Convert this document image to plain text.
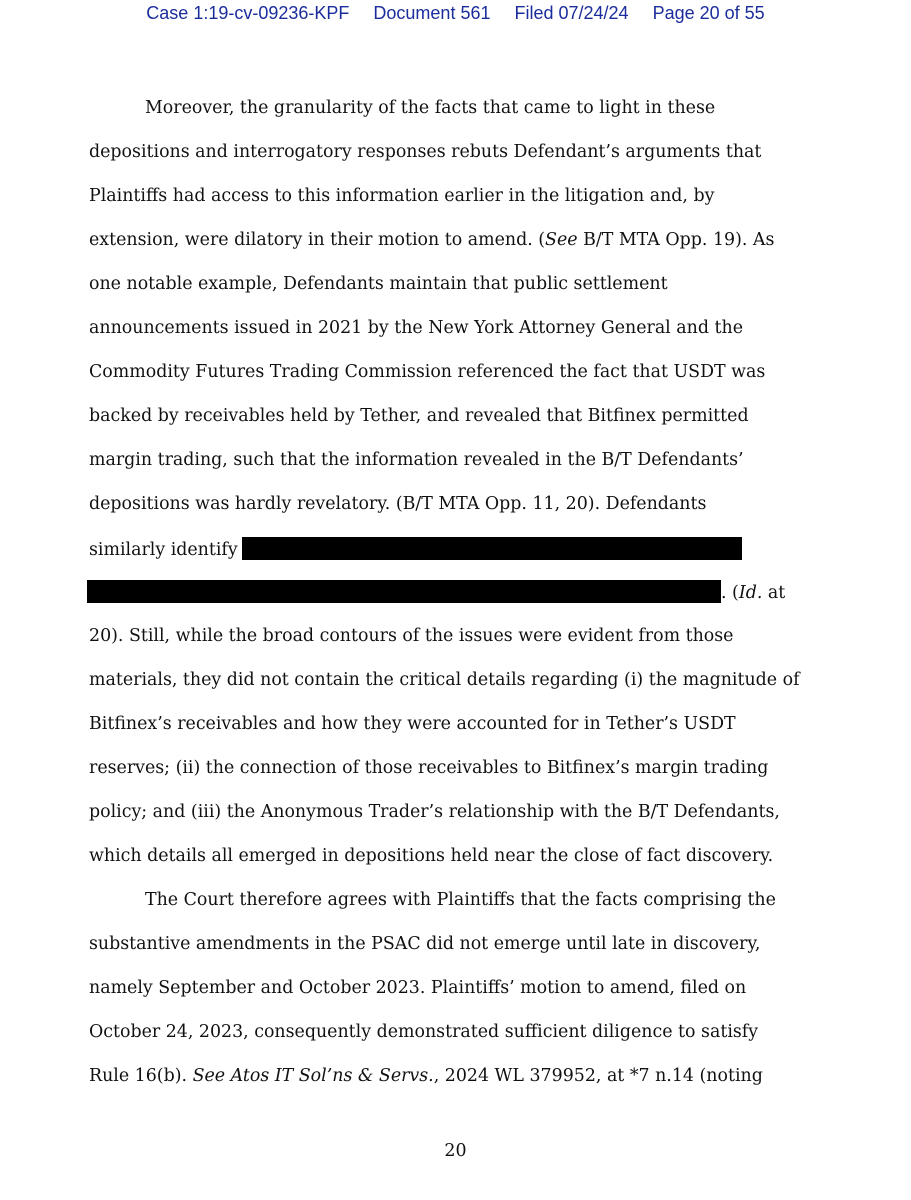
Case 1:19-cv-09236-KPF Document 561 Filed 07/24/24 Page 20 of 55
Moreover, the granularity of the facts that came to light in these
depositions and interrogatory responses rebuts Defendant’s arguments that
Plaintiffs had access to this information earlier in the litigation and, by
extension, were dilatory in their motion to amend. (See B/T MTA Opp. 19). As
one notable example, Defendants maintain that public settlement
announcements issued in 2021 by the New York Attorney General and the
Commodity Futures Trading Commission referenced the fact that USDT was
backed by receivables held by Tether, and revealed that Bitfinex permitted
margin trading, such that the information revealed in the B/T Defendants’
depositions was hardly revelatory. (B/T MTA Opp. 11, 20). Defendants
similarly identify
. (Id. at
20). Still, while the broad contours of the issues were evident from those
materials, they did not contain the critical details regarding (i) the magnitude of
Bitfinex’s receivables and how they were accounted for in Tether’s USDT
reserves; (ii) the connection of those receivables to Bitfinex’s margin trading
policy; and (iii) the Anonymous Trader’s relationship with the B/T Defendants,
which details all emerged in depositions held near the close of fact discovery.
The Court therefore agrees with Plaintiffs that the facts comprising the
substantive amendments in the PSAC did not emerge until late in discovery,
namely September and October 2023. Plaintiffs’ motion to amend, filed on
October 24, 2023, consequently demonstrated sufficient diligence to satisfy
Rule 16(b). See Atos IT Sol’ns & Servs., 2024 WL 379952, at *7 n.14 (noting
20
